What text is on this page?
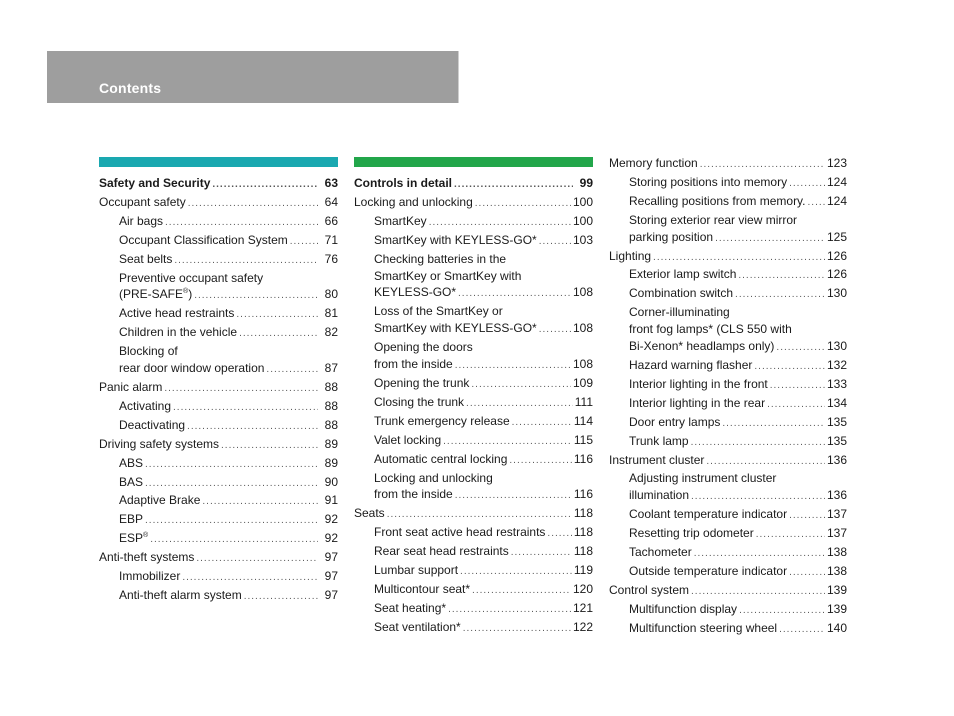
Contents
Safety and Security .....	63
Occupant safety .....	64
Air bags .....	66
Occupant Classification System .....	71
Seat belts .....	76
Preventive occupant safety
(PRE-SAFE®) .....	80
Active head restraints .....	81
Children in the vehicle .....	82
Blocking of
rear door window operation .....	87
Panic alarm .....	88
Activating .....	88
Deactivating .....	88
Driving safety systems .....	89
ABS .....	89
BAS .....	90
Adaptive Brake .....	91
EBP .....	92
ESP® .....	92
Anti-theft systems .....	97
Immobilizer .....	97
Anti-theft alarm system .....	97
Controls in detail .....	99
Locking and unlocking .....	100
SmartKey .....	100
SmartKey with KEYLESS-GO* .....	103
Checking batteries in the
SmartKey or SmartKey with
KEYLESS-GO* .....	108
Loss of the SmartKey or
SmartKey with KEYLESS-GO* .....	108
Opening the doors
from the inside .....	108
Opening the trunk .....	109
Closing the trunk .....	111
Trunk emergency release .....	114
Valet locking .....	115
Automatic central locking .....	116
Locking and unlocking
from the inside .....	116
Seats .....	118
Front seat active head restraints ..... 118
Rear seat head restraints .....	118
Lumbar support .....	119
Multicontour seat* .....	120
Seat heating* .....	121
Seat ventilation* .....	122
Memory function .....	123
Storing positions into memory .....	124
Recalling positions from memory. ..... 124
Storing exterior rear view mirror
parking position .....	125
Lighting .....	126
Exterior lamp switch .....	126
Combination switch .....	130
Corner-illuminating
front fog lamps* (CLS 550 with
Bi-Xenon* headlamps only) .....	130
Hazard warning flasher .....	132
Interior lighting in the front .....	133
Interior lighting in the rear .....	134
Door entry lamps .....	135
Trunk lamp .....	135
Instrument cluster .....	136
Adjusting instrument cluster
illumination .....	136
Coolant temperature indicator .....	137
Resetting trip odometer .....	137
Tachometer .....	138
Outside temperature indicator .....	138
Control system .....	139
Multifunction display .....	139
Multifunction steering wheel .....	140
